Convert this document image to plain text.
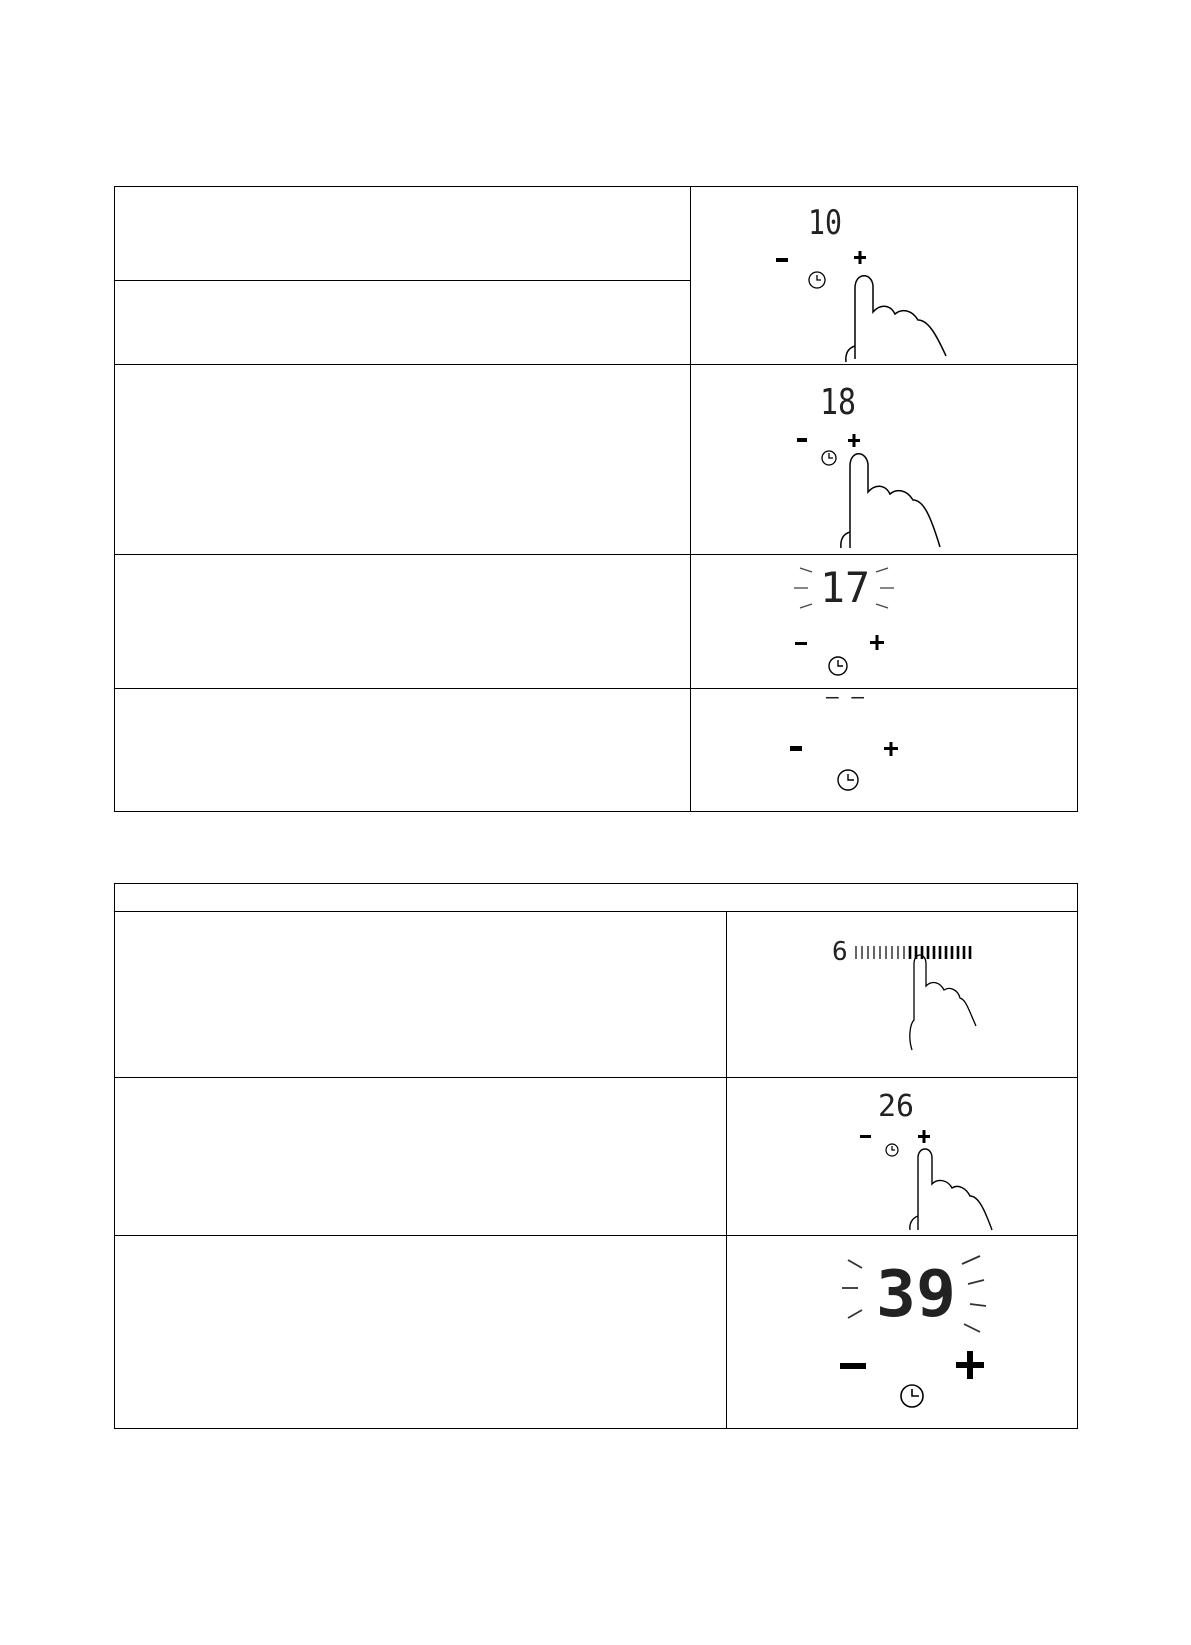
10
18
17
– –
6
26
39
